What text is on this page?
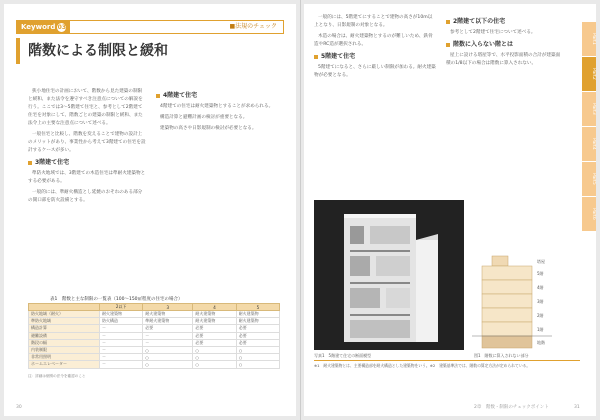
Keyword 03	■法規のチェック
階数による制限と緩和

狭小地住宅の計画において、階数から見た建築の制限と緩和、また法令を遵守すべき注意点についての解説を行う。ここでは3～5階建て住宅と、参考として2階建て住宅を対象にして、階数ごとの建築の制限と緩和、また法令上の主要な注意点について述べる。

一般住宅と比較し、階数を変えることで建物の設計上のメリットがあり、事業性から考えて3階建ての住宅を設計するケースが多い。

3階建て住宅

準防火地域では、3階建ての木造住宅は準耐火建築物とする必要がある。

一般的には、準耐火構造とし延焼のおそれのある部分の開口部を防火設備とする。

4階建て住宅

4階建ての住宅は耐火建築物とすることが求められる。

構造計算と避難計画の検討が重要となる。

建築物の高さや日影規制の検討が必要となる。

表1　階数と主な制限の一覧表（100～150㎡程度の住宅の場合）
	2以下	3	4	5
防火地域（耐火）	耐火建築物	耐火建築物	耐火建築物	耐火建築物
準防火地域	防火構造	準耐火建築物	耐火建築物	耐火建築物
構造計算	－	必要	必要	必要
避難設備	－	－	必要	必要
階段の幅	－	－	必要	必要
内装制限	－	○	○	○
非常用照明	－	○	○	○
ホームエレベーター	－	○	○	○
注：詳細は個別の法令を確認のこと
30

一般的には、5階建てにすることで建物の高さが10m以上となり、日影規制の対象となる。

木造の場合は、耐火建築物とするのが難しいため、鉄骨造やRC造が選択される。

5階建て住宅

5階建てになると、さらに厳しい制限が加わる。耐火建築物が必要となる。

2階建て以下の住宅

参考として2階建て住宅について述べる。

階数に入らない階とは

屋上に設ける塔屋等で、水平投影面積の合計が建築面積の1/8以下の場合は階数に算入されない。

写真1　5階建て住宅の断面模型
塔屋
5階
4階
3階
2階
1階
地階
図1　階数に算入されない部分
※1　耐火建築物とは、主要構造部を耐火構造とした建築物をいう。※2　建築基準法では、階数の算定方法が定められている。
Part1
Part2
Part3
Part4
Part5
Part6
2章　階数・制限のチェックポイント	31
